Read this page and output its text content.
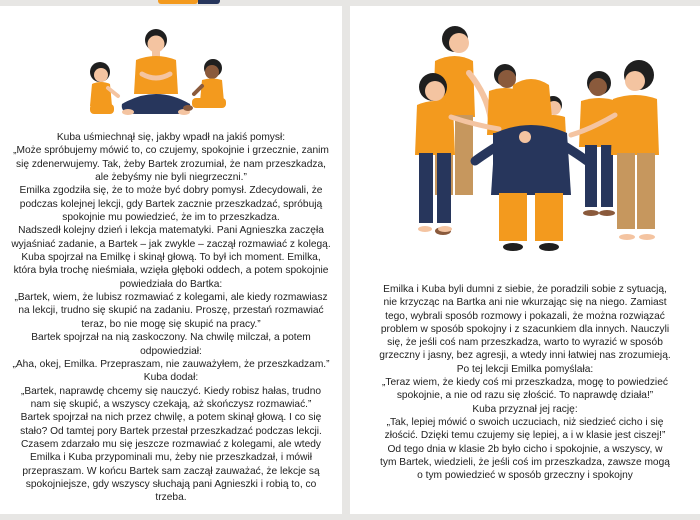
Kuba uśmiechnął się, jakby wpadł na jakiś pomysł:
„Może spróbujemy mówić to, co czujemy, spokojnie i grzecznie, zanim
się zdenerwujemy. Tak, żeby Bartek zrozumiał, że nam przeszkadza,
ale żebyśmy nie byli niegrzeczni.”
Emilka zgodziła się, że to może być dobry pomysł. Zdecydowali, że
podczas kolejnej lekcji, gdy Bartek zacznie przeszkadzać, spróbują
spokojnie mu powiedzieć, że im to przeszkadza.
Nadszedł kolejny dzień i lekcja matematyki. Pani Agnieszka zaczęła
wyjaśniać zadanie, a Bartek – jak zwykle – zaczął rozmawiać z kolegą.
Kuba spojrzał na Emilkę i skinął głową. To był ich moment. Emilka,
która była trochę nieśmiała, wzięła głęboki oddech, a potem spokojnie
powiedziała do Bartka:
„Bartek, wiem, że lubisz rozmawiać z kolegami, ale kiedy rozmawiasz
na lekcji, trudno się skupić na zadaniu. Proszę, przestań rozmawiać
teraz, bo nie mogę się skupić na pracy.”
Bartek spojrzał na nią zaskoczony. Na chwilę milczał, a potem
odpowiedział:
„Aha, okej, Emilka. Przepraszam, nie zauważyłem, że przeszkadzam.”
Kuba dodał:
„Bartek, naprawdę chcemy się nauczyć. Kiedy robisz hałas, trudno
nam się skupić, a wszyscy czekają, aż skończysz rozmawiać.”
Bartek spojrzał na nich przez chwilę, a potem skinął głową. I co się
stało? Od tamtej pory Bartek przestał przeszkadzać podczas lekcji.
Czasem zdarzało mu się jeszcze rozmawiać z kolegami, ale wtedy
Emilka i Kuba przypominali mu, żeby nie przeszkadzał, i mówił
przepraszam. W końcu Bartek sam zaczął zauważać, że lekcje są
spokojniejsze, gdy wszyscy słuchają pani Agnieszki i robią to, co
trzeba.
Emilka i Kuba byli dumni z siebie, że poradzili sobie z sytuacją,
nie krzycząc na Bartka ani nie wkurzając się na niego. Zamiast
tego, wybrali sposób rozmowy i pokazali, że można rozwiązać
problem w sposób spokojny i z szacunkiem dla innych. Nauczyli
się, że jeśli coś nam przeszkadza, warto to wyrazić w sposób
grzeczny i jasny, bez agresji, a wtedy inni łatwiej nas zrozumieją.
Po tej lekcji Emilka pomyślała:
„Teraz wiem, że kiedy coś mi przeszkadza, mogę to powiedzieć
spokojnie, a nie od razu się złościć. To naprawdę działa!”
Kuba przyznał jej rację:
„Tak, lepiej mówić o swoich uczuciach, niż siedzieć cicho i się
złościć. Dzięki temu czujemy się lepiej, a i w klasie jest ciszej!”
Od tego dnia w klasie 2b było cicho i spokojnie, a wszyscy, w
tym Bartek, wiedzieli, że jeśli coś im przeszkadza, zawsze mogą
o tym powiedzieć w sposób grzeczny i spokojny
